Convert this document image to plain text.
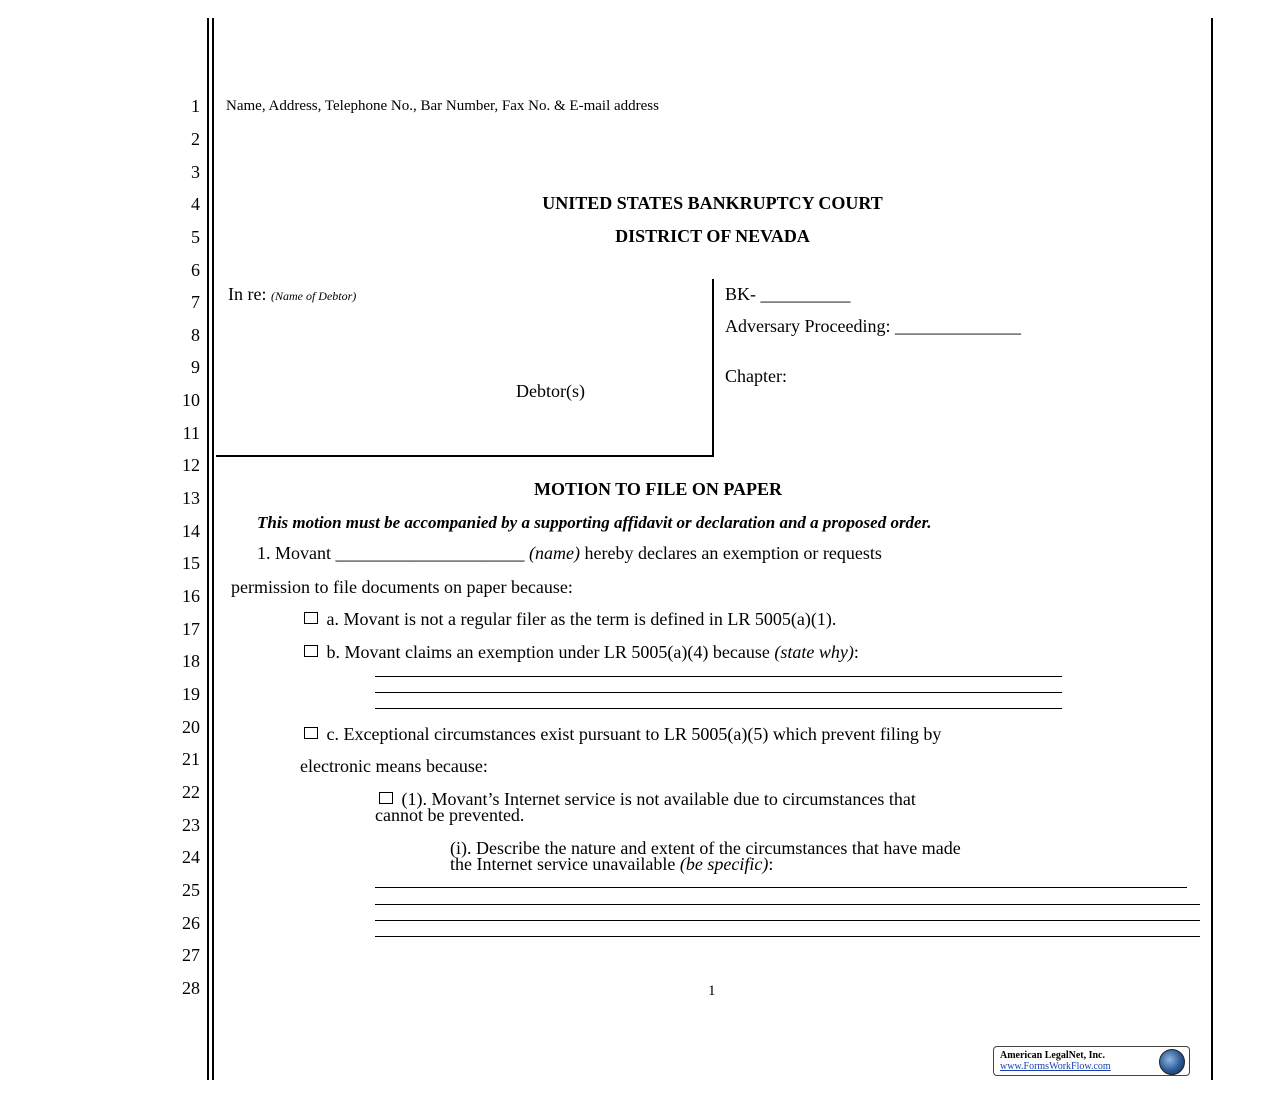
1
2
3
4
5
6
7
8
9
10
11
12
13
14
15
16
17
18
19
20
21
22
23
24
25
26
27
28
Name, Address, Telephone No., Bar Number, Fax No. & E-mail address
UNITED STATES BANKRUPTCY COURT
DISTRICT OF NEVADA
In re: (Name of Debtor)
Debtor(s)
BK- __________
Adversary Proceeding: ______________
Chapter:
MOTION TO FILE ON PAPER
This motion must be accompanied by a supporting affidavit or declaration and a proposed order.
1. Movant _____________________ (name) hereby declares an exemption or requests
permission to file documents on paper because:
a. Movant is not a regular filer as the term is defined in LR 5005(a)(1).
b. Movant claims an exemption under LR 5005(a)(4) because (state why):
c. Exceptional circumstances exist pursuant to LR 5005(a)(5) which prevent filing by
electronic means because:
(1). Movant’s Internet service is not available due to circumstances that
cannot be prevented.
(i). Describe the nature and extent of the circumstances that have made
the Internet service unavailable (be specific):
1
American LegalNet, Inc.
www.FormsWorkFlow.com
